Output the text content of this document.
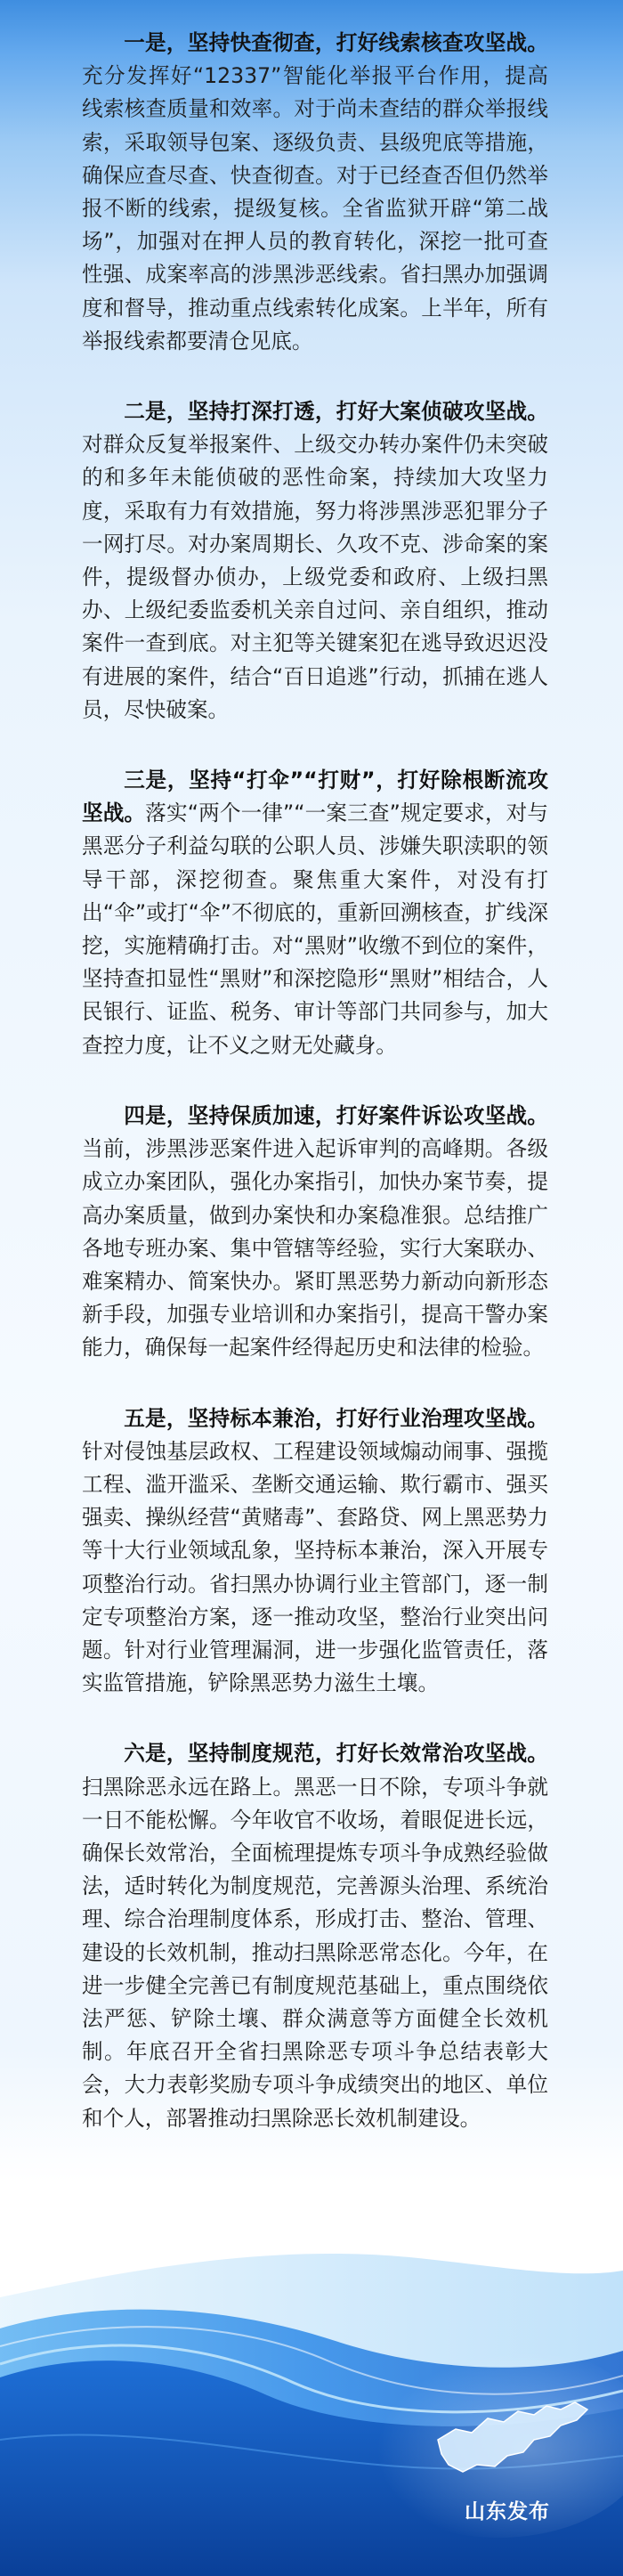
一是，坚持快查彻查，打好线索核查攻坚战。充分发挥好“12337”智能化举报平台作用，提高线索核查质量和效率。对于尚未查结的群众举报线索，采取领导包案、逐级负责、县级兜底等措施，确保应查尽查、快查彻查。对于已经查否但仍然举报不断的线索，提级复核。全省监狱开辟“第二战场”，加强对在押人员的教育转化，深挖一批可查性强、成案率高的涉黑涉恶线索。省扫黑办加强调度和督导，推动重点线索转化成案。上半年，所有举报线索都要清仓见底。

二是，坚持打深打透，打好大案侦破攻坚战。对群众反复举报案件、上级交办转办案件仍未突破的和多年未能侦破的恶性命案，持续加大攻坚力度，采取有力有效措施，努力将涉黑涉恶犯罪分子一网打尽。对办案周期长、久攻不克、涉命案的案件，提级督办侦办，上级党委和政府、上级扫黑办、上级纪委监委机关亲自过问、亲自组织，推动案件一查到底。对主犯等关键案犯在逃导致迟迟没有进展的案件，结合“百日追逃”行动，抓捕在逃人员，尽快破案。

三是，坚持“打伞”“打财”，打好除根断流攻坚战。落实“两个一律”“一案三查”规定要求，对与黑恶分子利益勾联的公职人员、涉嫌失职渎职的领导干部，深挖彻查。聚焦重大案件，对没有打出“伞”或打“伞”不彻底的，重新回溯核查，扩线深挖，实施精确打击。对“黑财”收缴不到位的案件，坚持查扣显性“黑财”和深挖隐形“黑财”相结合，人民银行、证监、税务、审计等部门共同参与，加大查控力度，让不义之财无处藏身。

四是，坚持保质加速，打好案件诉讼攻坚战。当前，涉黑涉恶案件进入起诉审判的高峰期。各级成立办案团队，强化办案指引，加快办案节奏，提高办案质量，做到办案快和办案稳准狠。总结推广各地专班办案、集中管辖等经验，实行大案联办、难案精办、简案快办。紧盯黑恶势力新动向新形态新手段，加强专业培训和办案指引，提高干警办案能力，确保每一起案件经得起历史和法律的检验。

五是，坚持标本兼治，打好行业治理攻坚战。针对侵蚀基层政权、工程建设领域煽动闹事、强揽工程、滥开滥采、垄断交通运输、欺行霸市、强买强卖、操纵经营“黄赌毒”、套路贷、网上黑恶势力等十大行业领域乱象，坚持标本兼治，深入开展专项整治行动。省扫黑办协调行业主管部门，逐一制定专项整治方案，逐一推动攻坚，整治行业突出问题。针对行业管理漏洞，进一步强化监管责任，落实监管措施，铲除黑恶势力滋生土壤。

六是，坚持制度规范，打好长效常治攻坚战。扫黑除恶永远在路上。黑恶一日不除，专项斗争就一日不能松懈。今年收官不收场，着眼促进长远，确保长效常治，全面梳理提炼专项斗争成熟经验做法，适时转化为制度规范，完善源头治理、系统治理、综合治理制度体系，形成打击、整治、管理、建设的长效机制，推动扫黑除恶常态化。今年，在进一步健全完善已有制度规范基础上，重点围绕依法严惩、铲除土壤、群众满意等方面健全长效机制。年底召开全省扫黑除恶专项斗争总结表彰大会，大力表彰奖励专项斗争成绩突出的地区、单位和个人，部署推动扫黑除恶长效机制建设。

山东发布
